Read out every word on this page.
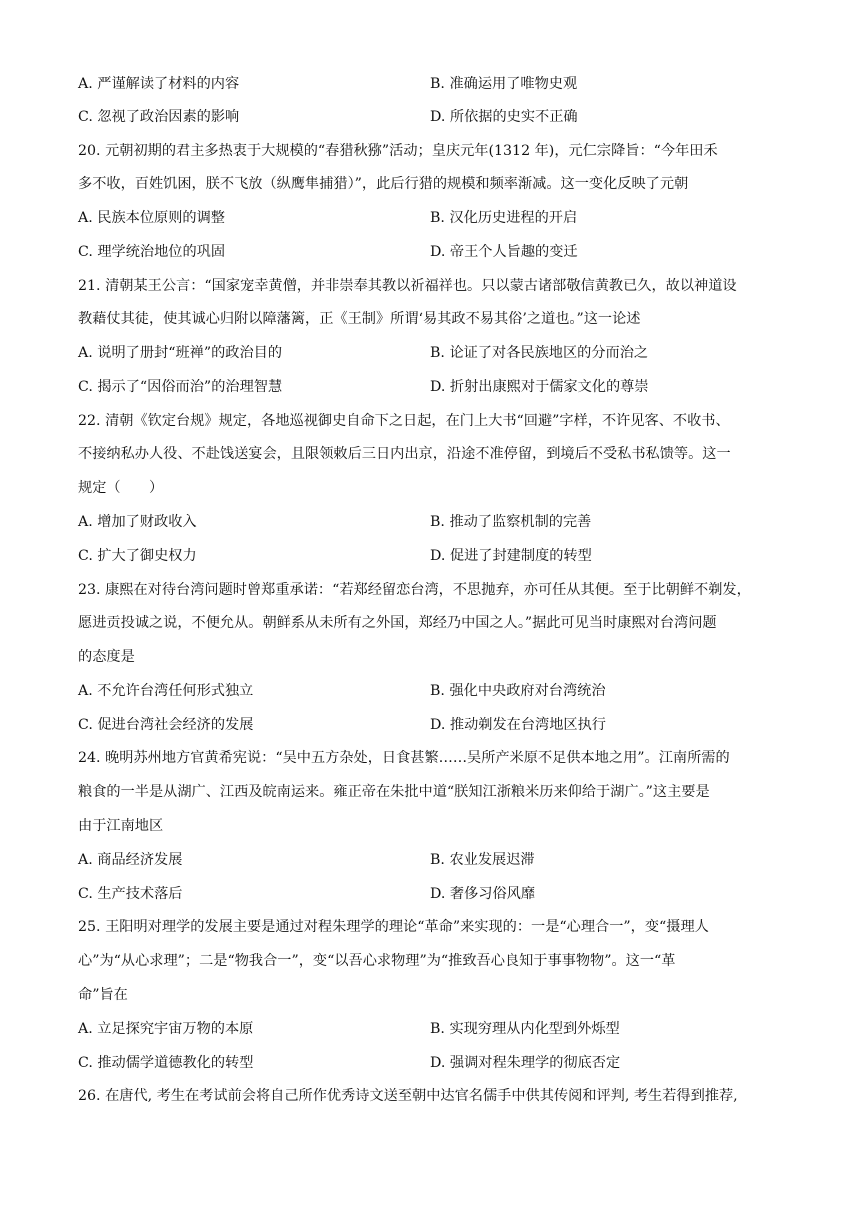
A. 严谨解读了材料的内容	B. 准确运用了唯物史观
C. 忽视了政治因素的影响	D. 所依据的史实不正确
20. 元朝初期的君主多热衷于大规模的“春猎秋猕”活动；皇庆元年(1312 年)，元仁宗降旨：“今年田禾
多不收，百姓饥困，朕不飞放（纵鹰隼捕猎）”，此后行猎的规模和频率渐减。这一变化反映了元朝
A. 民族本位原则的调整	B. 汉化历史进程的开启
C. 理学统治地位的巩固	D. 帝王个人旨趣的变迁
21. 清朝某王公言：“国家宠幸黄僧，并非崇奉其教以祈福祥也。只以蒙古诸部敬信黄教已久，故以神道设
教藉仗其徒，使其诚心归附以障藩篱，正《王制》所谓‘易其政不易其俗’之道也。”这一论述
A. 说明了册封“班禅”的政治目的	B. 论证了对各民族地区的分而治之
C. 揭示了“因俗而治”的治理智慧	D. 折射出康熙对于儒家文化的尊崇
22. 清朝《钦定台规》规定，各地巡视御史自命下之日起，在门上大书“回避”字样，不许见客、不收书、
不接纳私办人役、不赴饯送宴会，且限领敕后三日内出京，沿途不准停留，到境后不受私书私馈等。这一
规定（　　）
A. 增加了财政收入	B. 推动了监察机制的完善
C. 扩大了御史权力	D. 促进了封建制度的转型
23. 康熙在对待台湾问题时曾郑重承诺：“若郑经留恋台湾，不思抛弃，亦可任从其便。至于比朝鲜不剃发，
愿进贡投诚之说，不便允从。朝鲜系从未所有之外国，郑经乃中国之人。”据此可见当时康熙对台湾问题
的态度是
A. 不允许台湾任何形式独立	B. 强化中央政府对台湾统治
C. 促进台湾社会经济的发展	D. 推动剃发在台湾地区执行
24. 晚明苏州地方官黄希宪说：“吴中五方杂处，日食甚繁……吴所产米原不足供本地之用”。江南所需的
粮食的一半是从湖广、江西及皖南运来。雍正帝在朱批中道“朕知江浙粮米历来仰给于湖广。”这主要是
由于江南地区
A. 商品经济发展	B. 农业发展迟滞
C. 生产技术落后	D. 奢侈习俗风靡
25. 王阳明对理学的发展主要是通过对程朱理学的理论“革命”来实现的：一是“心理合一”，变“摄理人
心”为“从心求理”；二是“物我合一”，变“以吾心求物理”为“推致吾心良知于事事物物”。这一“革
命”旨在
A. 立足探究宇宙万物的本原	B. 实现穷理从内化型到外烁型
C. 推动儒学道德教化的转型	D. 强调对程朱理学的彻底否定
26. 在唐代, 考生在考试前会将自己所作优秀诗文送至朝中达官名儒手中供其传阅和评判, 考生若得到推荐,
